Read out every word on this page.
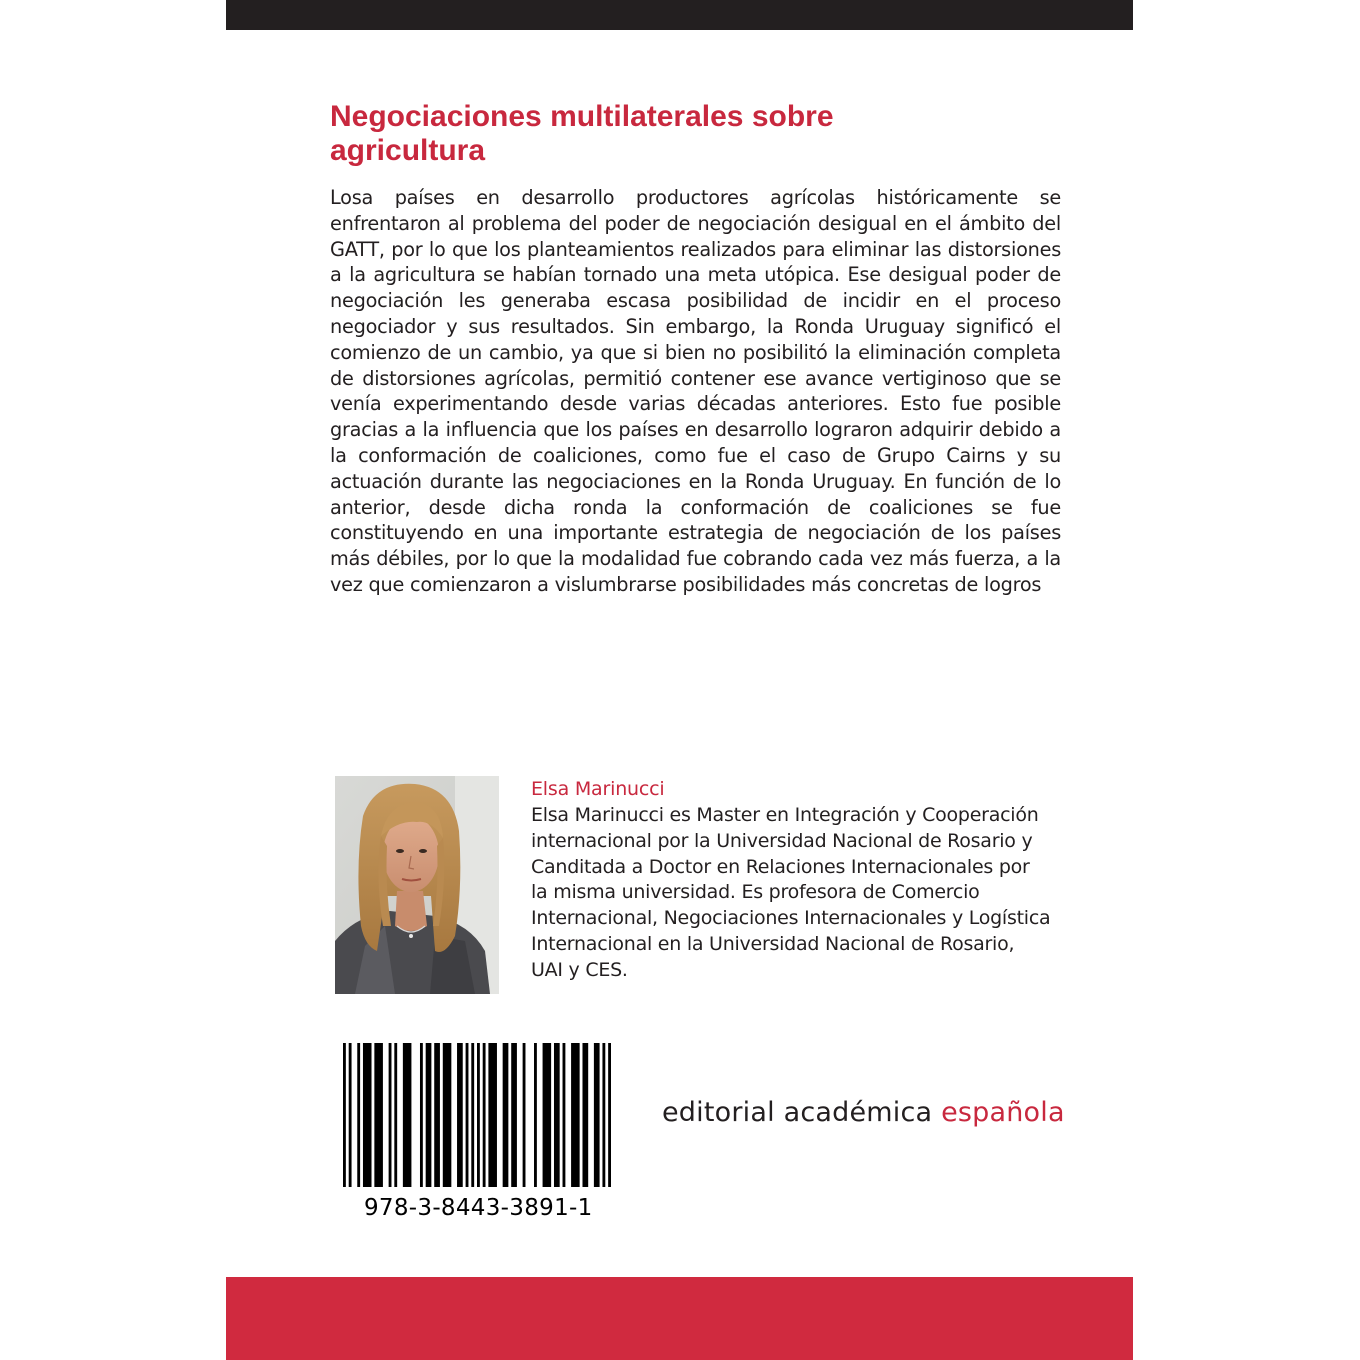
Negociaciones multilaterales sobre agricultura

Losa países en desarrollo productores agrícolas históricamente se enfrentaron al problema del poder de negociación desigual en el ámbito del GATT, por lo que los planteamientos realizados para eliminar las distorsiones a la agricultura se habían tornado una meta utópica. Ese desigual poder de negociación les generaba escasa posibilidad de incidir en el proceso negociador y sus resultados. Sin embargo, la Ronda Uruguay significó el comienzo de un cambio, ya que si bien no posibilitó la eliminación completa de distorsiones agrícolas, permitió contener ese avance vertiginoso que se venía experimentando desde varias décadas anteriores. Esto fue posible gracias a la influencia que los países en desarrollo lograron adquirir debido a la conformación de coaliciones, como fue el caso de Grupo Cairns y su actuación durante las negociaciones en la Ronda Uruguay. En función de lo anterior, desde dicha ronda la conformación de coaliciones se fue constituyendo en una importante estrategia de negociación de los países más débiles, por lo que la modalidad fue cobrando cada vez más fuerza, a la vez que comienzaron a vislumbrarse posibilidades más concretas de logros

Elsa Marinucci

Elsa Marinucci es Master en Integración y Cooperación internacional por la Universidad Nacional de Rosario y Canditada a Doctor en Relaciones Internacionales por la misma universidad. Es profesora de Comercio Internacional, Negociaciones Internacionales y Logística Internacional en la Universidad Nacional de Rosario, UAI y CES.

978-3-8443-3891-1

editorial académica española
